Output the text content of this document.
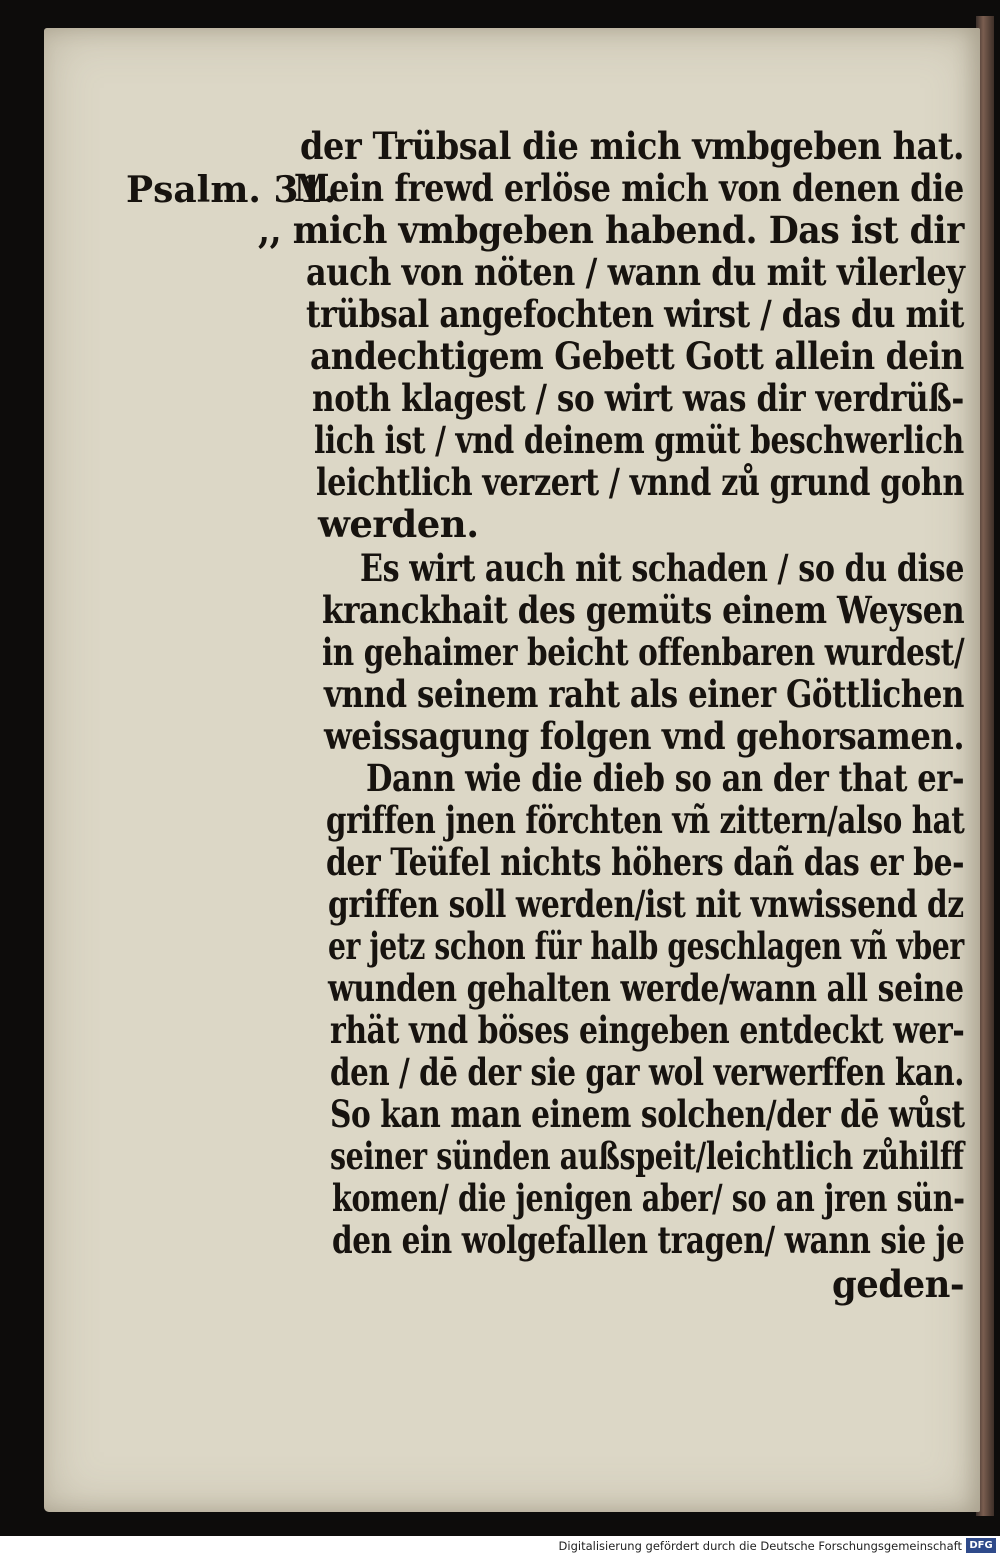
Psalm. 31.
der Trübsal die mich vmbgeben hat.
Mein frewd erlöse mich von denen die
,, mich vmbgeben habend. Das ist dir
auch von nöten / wann du mit vilerley
trübsal angefochten wirst / das du mit
andechtigem Gebett Gott allein dein
noth klagest / so wirt was dir verdrüß-
lich ist / vnd deinem gmüt beschwerlich
leichtlich verzert / vnnd zů grund gohn
werden.
Es wirt auch nit schaden / so du dise
kranckhait des gemüts einem Weysen
in gehaimer beicht offenbaren wurdest/
vnnd seinem raht als einer Göttlichen
weissagung folgen vnd gehorsamen.
Dann wie die dieb so an der that er-
griffen jnen förchten vñ zittern/also hat
der Teüfel nichts höhers dañ das er be-
griffen soll werden/ist nit vnwissend dz
er jetz schon für halb geschlagen vñ vber
wunden gehalten werde/wann all seine
rhät vnd böses eingeben entdeckt wer-
den / dē der sie gar wol verwerffen kan.
So kan man einem solchen/der dē wůst
seiner sünden außspeit/leichtlich zůhilff
komen/ die jenigen aber/ so an jren sün-
den ein wolgefallen tragen/ wann sie je
geden-
Digitalisierung gefördert durch die Deutsche Forschungsgemeinschaft DFG
